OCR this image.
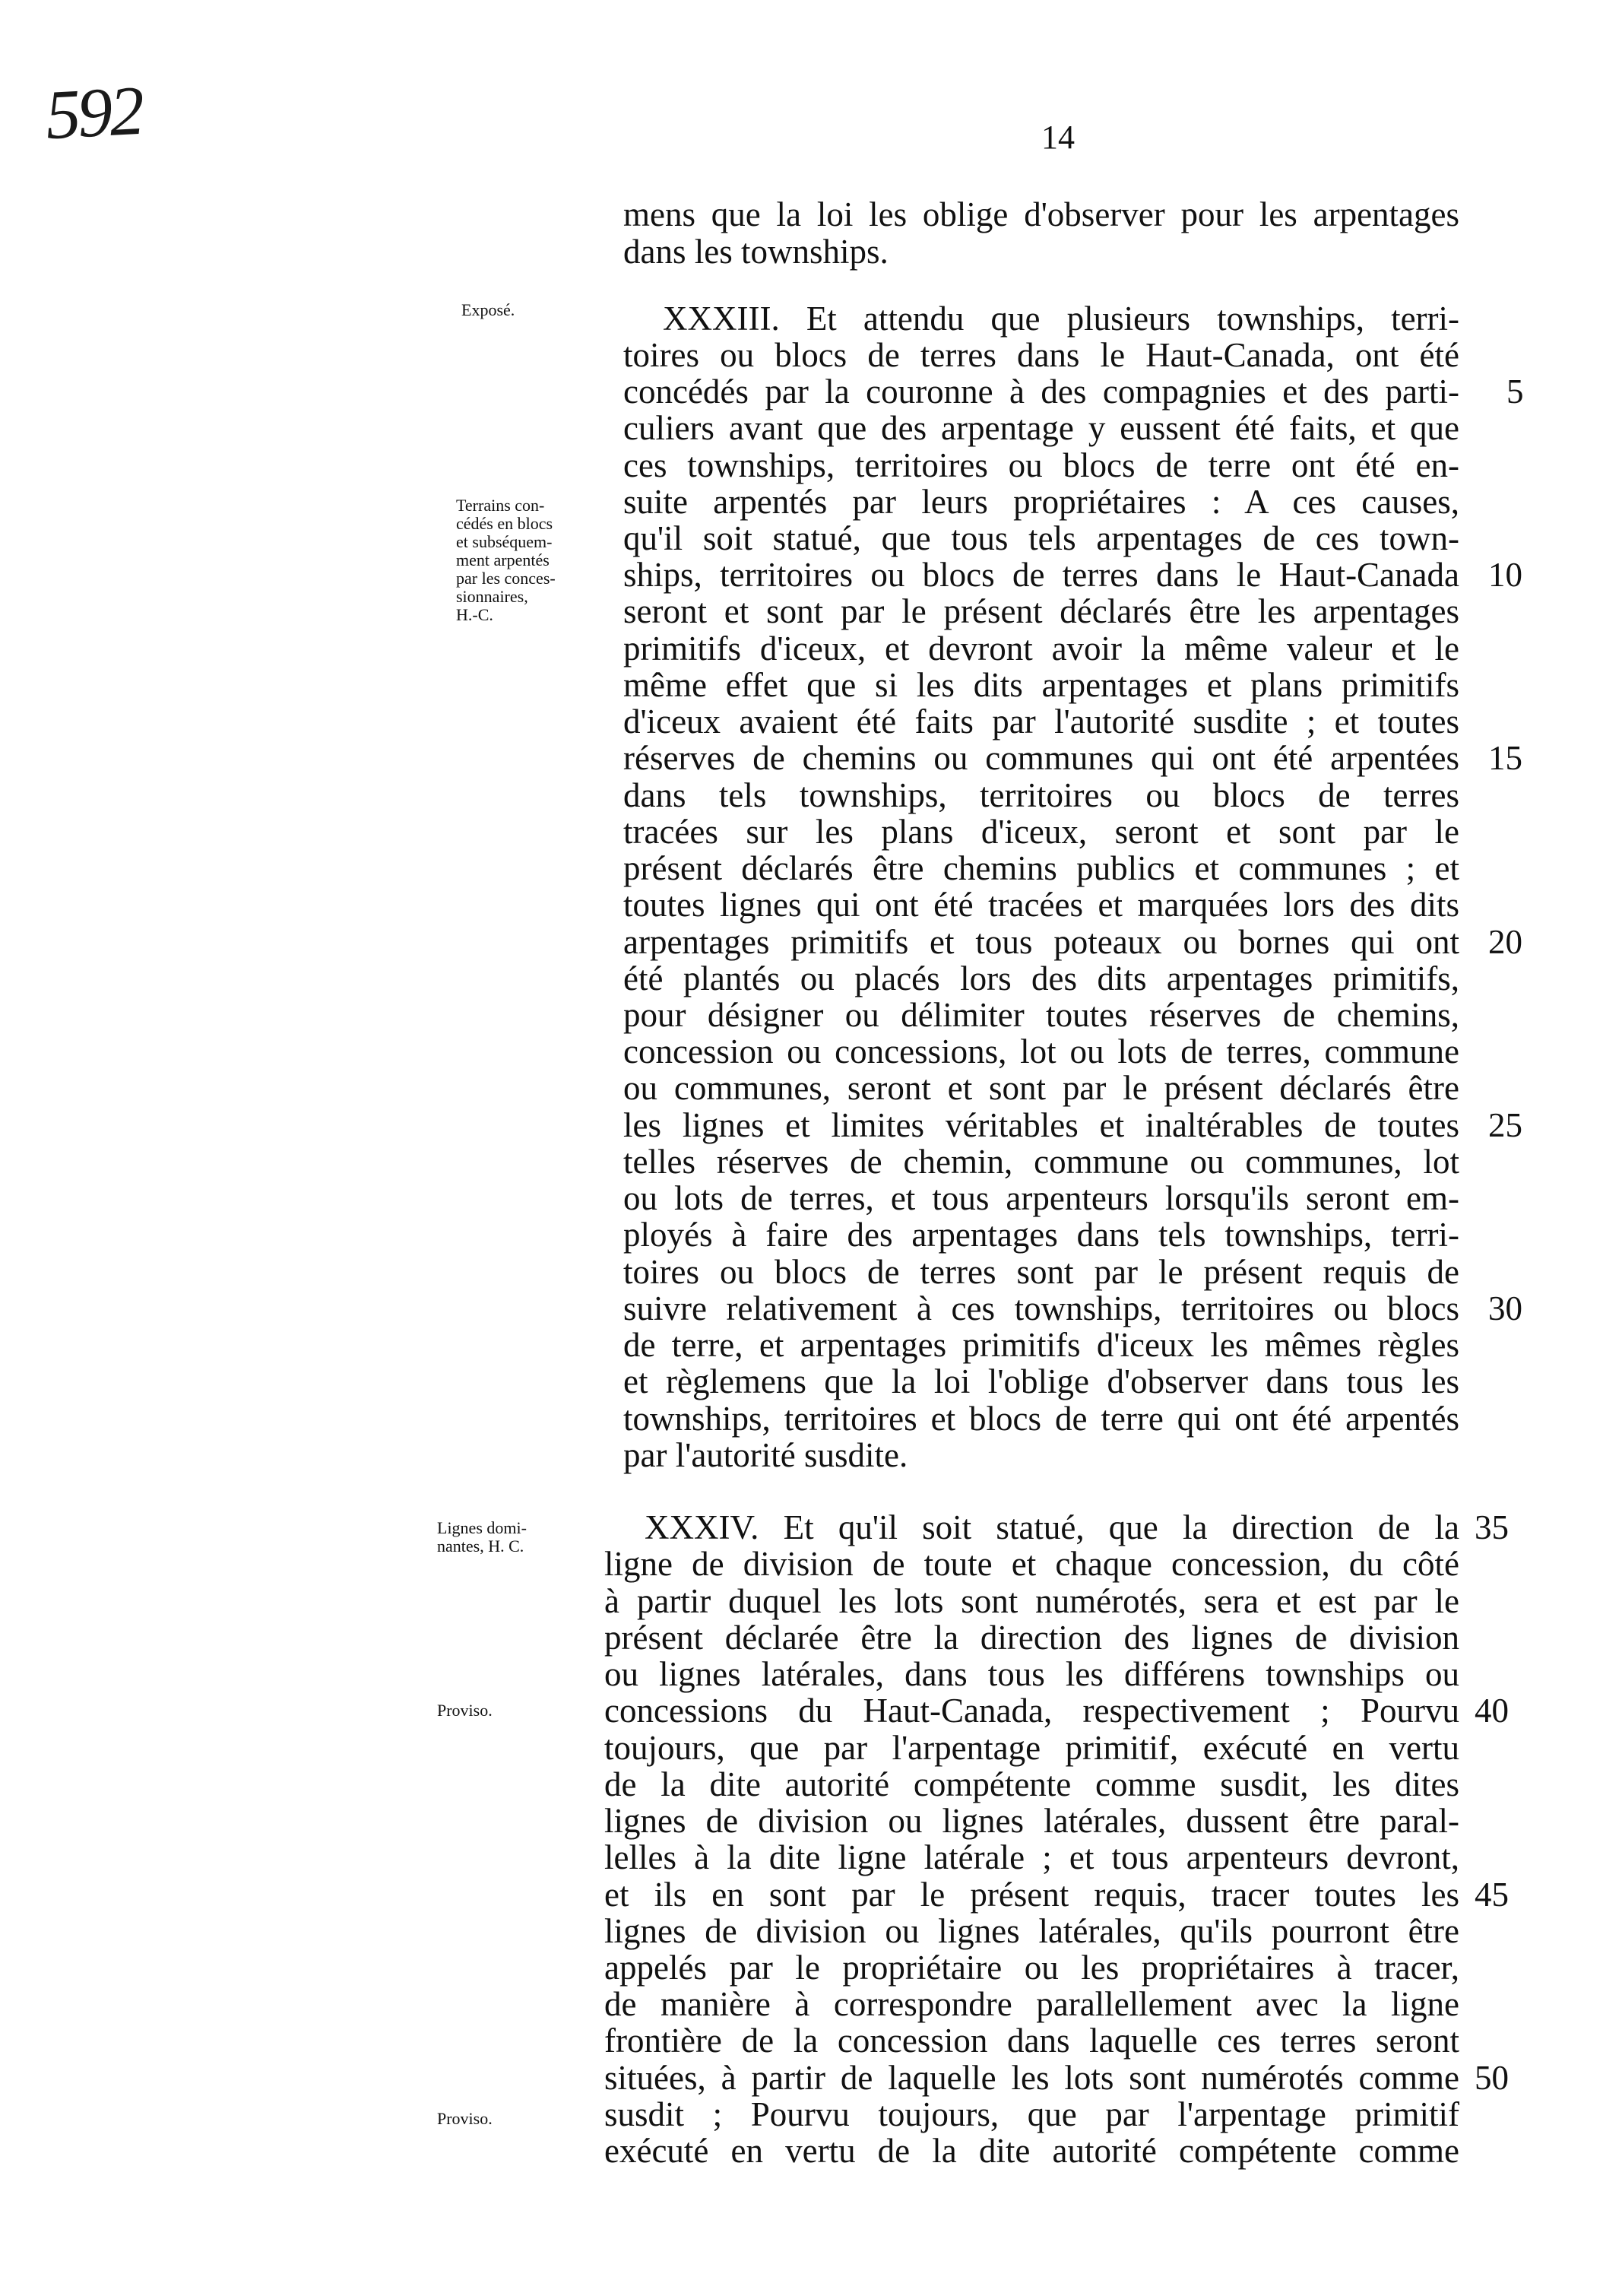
592	14
mens que la loi les oblige d'observer pour les arpentages
dans les townships.
XXXIII. Et attendu que plusieurs townships, terri-
toires ou blocs de terres dans le Haut-Canada, ont été
concédés par la couronne à des compagnies et des parti-
culiers avant que des arpentage y eussent été faits, et que
ces townships, territoires ou blocs de terre ont été en-
suite arpentés par leurs propriétaires : A ces causes,
qu'il soit statué, que tous tels arpentages de ces town-
ships, territoires ou blocs de terres dans le Haut-Canada
seront et sont par le présent déclarés être les arpentages
primitifs d'iceux, et devront avoir la même valeur et le
même effet que si les dits arpentages et plans primitifs
d'iceux avaient été faits par l'autorité susdite ; et toutes
réserves de chemins ou communes qui ont été arpentées
dans tels townships, territoires ou blocs de terres
tracées sur les plans d'iceux, seront et sont par le
présent déclarés être chemins publics et communes ; et
toutes lignes qui ont été tracées et marquées lors des dits
arpentages primitifs et tous poteaux ou bornes qui ont
été plantés ou placés lors des dits arpentages primitifs,
pour désigner ou délimiter toutes réserves de chemins,
concession ou concessions, lot ou lots de terres, commune
ou communes, seront et sont par le présent déclarés être
les lignes et limites véritables et inaltérables de toutes
telles réserves de chemin, commune ou communes, lot
ou lots de terres, et tous arpenteurs lorsqu'ils seront em-
ployés à faire des arpentages dans tels townships, terri-
toires ou blocs de terres sont par le présent requis de
suivre relativement à ces townships, territoires ou blocs
de terre, et arpentages primitifs d'iceux les mêmes règles
et règlemens que la loi l'oblige d'observer dans tous les
townships, territoires et blocs de terre qui ont été arpentés
par l'autorité susdite.
XXXIV. Et qu'il soit statué, que la direction de la
ligne de division de toute et chaque concession, du côté
à partir duquel les lots sont numérotés, sera et est par le
présent déclarée être la direction des lignes de division
ou lignes latérales, dans tous les différens townships ou
concessions du Haut-Canada, respectivement ; Pourvu
toujours, que par l'arpentage primitif, exécuté en vertu
de la dite autorité compétente comme susdit, les dites
lignes de division ou lignes latérales, dussent être paral-
lelles à la dite ligne latérale ; et tous arpenteurs devront,
et ils en sont par le présent requis, tracer toutes les
lignes de division ou lignes latérales, qu'ils pourront être
appelés par le propriétaire ou les propriétaires à tracer,
de manière à correspondre parallellement avec la ligne
frontière de la concession dans laquelle ces terres seront
situées, à partir de laquelle les lots sont numérotés comme
susdit ; Pourvu toujours, que par l'arpentage primitif
exécuté en vertu de la dite autorité compétente comme
Exposé.
Terrains con-
cédés en blocs
et subséquem-
ment arpentés
par les conces-
sionnaires,
H.-C.
Lignes domi-
nantes, H. C.
Proviso.
Proviso.
5
10
15
20
25
30
35
40
45
50
